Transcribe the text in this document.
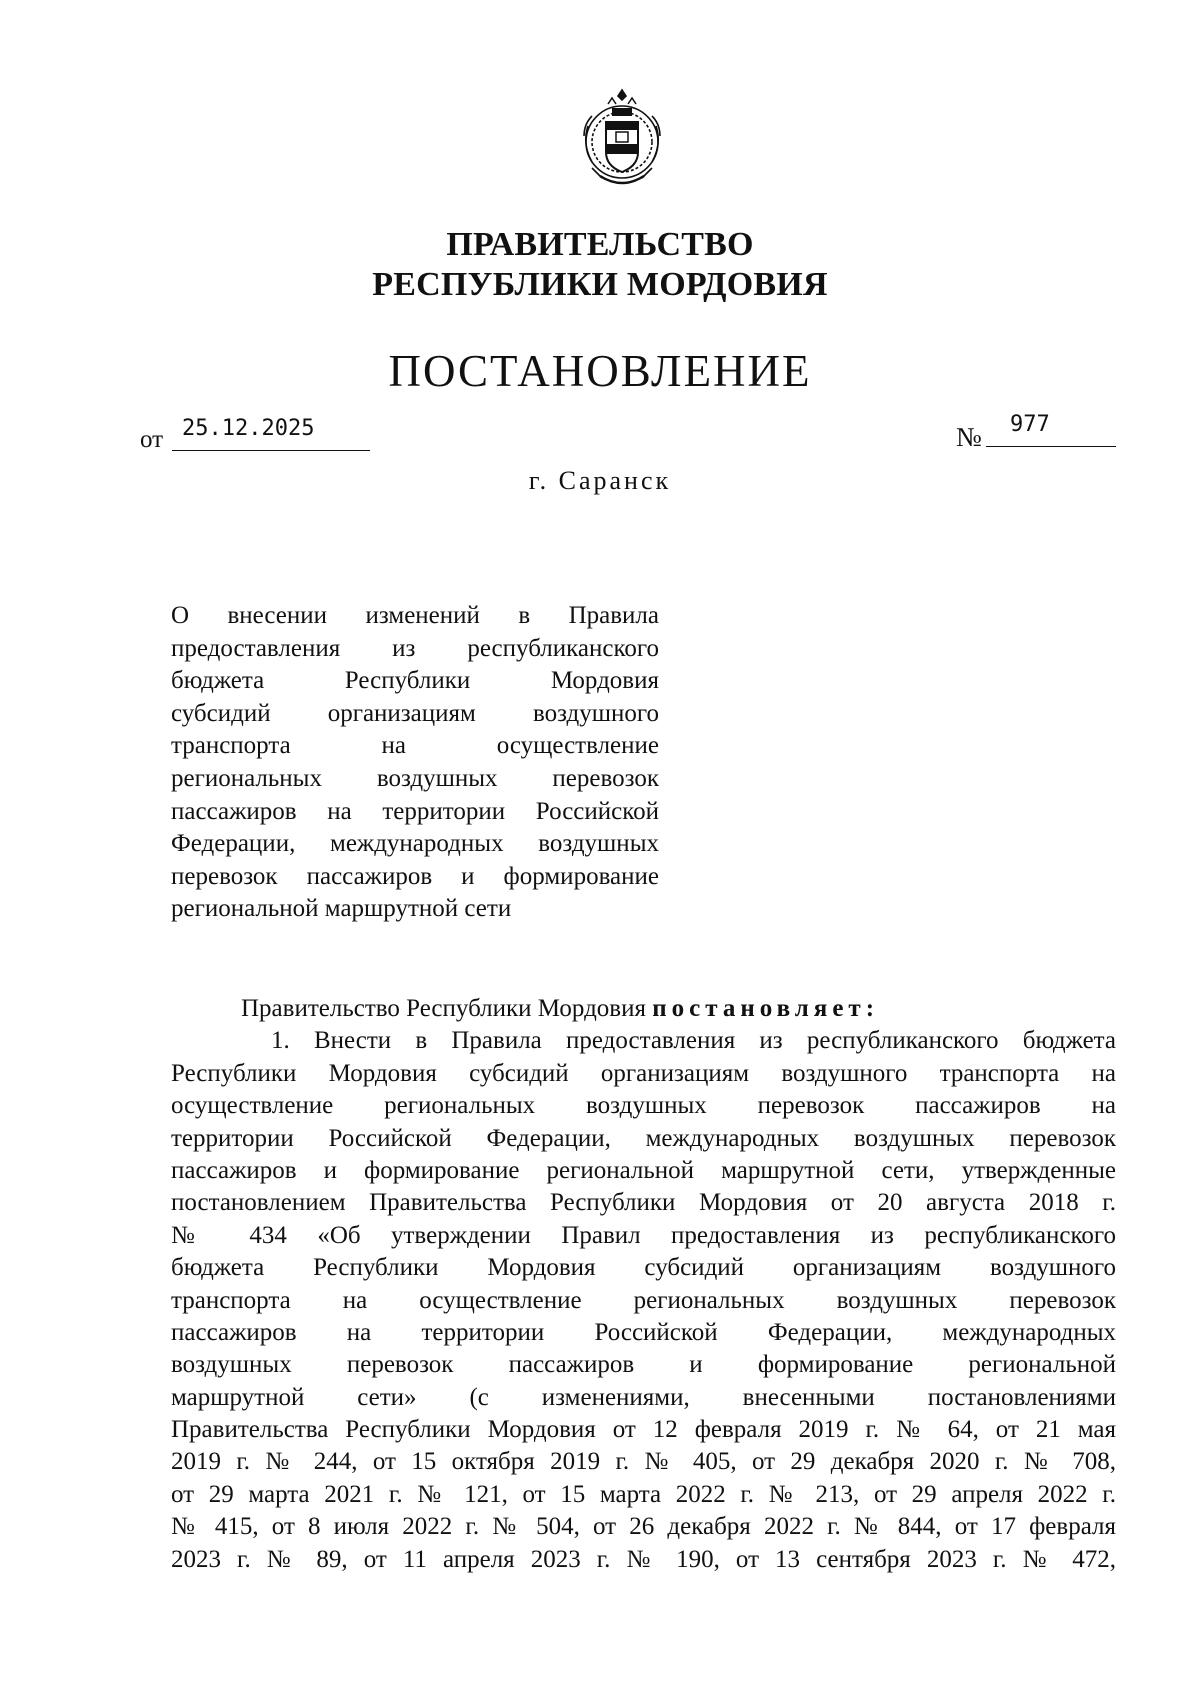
ПРАВИТЕЛЬСТВО
РЕСПУБЛИКИ МОРДОВИЯ
ПОСТАНОВЛЕНИЕ
от 25.12.2025	№	977
г. Саранск
О внесении изменений в Правила
предоставления из республиканского
бюджета Республики Мордовия
субсидий организациям воздушного
транспорта на осуществление
региональных воздушных перевозок
пассажиров на территории Российской
Федерации, международных воздушных
перевозок пассажиров и формирование
региональной маршрутной сети
Правительство Республики Мордовия постановляет:
1. Внести в Правила предоставления из республиканского бюджета
Республики Мордовия субсидий организациям воздушного транспорта на
осуществление региональных воздушных перевозок пассажиров на
территории Российской Федерации, международных воздушных перевозок
пассажиров и формирование региональной маршрутной сети, утвержденные
постановлением Правительства Республики Мордовия от 20 августа 2018 г.
№ 434 «Об утверждении Правил предоставления из республиканского
бюджета Республики Мордовия субсидий организациям воздушного
транспорта на осуществление региональных воздушных перевозок
пассажиров на территории Российской Федерации, международных
воздушных перевозок пассажиров и формирование региональной
маршрутной сети» (с изменениями, внесенными постановлениями
Правительства Республики Мордовия от 12 февраля 2019 г. № 64, от 21 мая
2019 г. № 244, от 15 октября 2019 г. № 405, от 29 декабря 2020 г. № 708,
от 29 марта 2021 г. № 121, от 15 марта 2022 г. № 213, от 29 апреля 2022 г.
№ 415, от 8 июля 2022 г. № 504, от 26 декабря 2022 г. № 844, от 17 февраля
2023 г. № 89, от 11 апреля 2023 г. № 190, от 13 сентября 2023 г. № 472,
